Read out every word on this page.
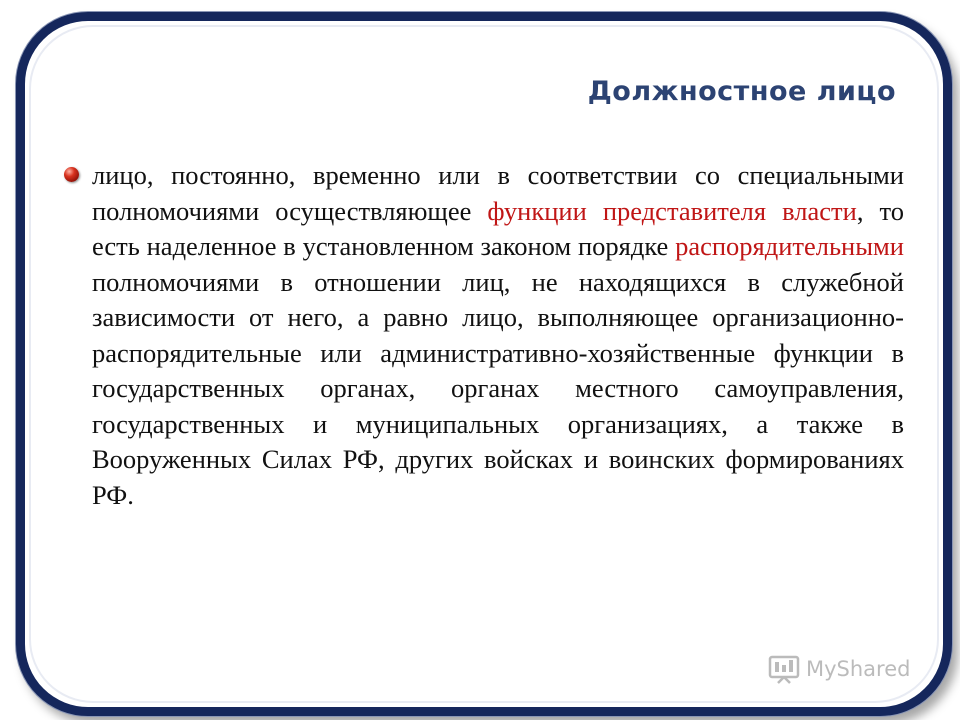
Должностное лицо

лицо, постоянно, временно или в соответствии со специальными полномочиями осуществляющее функции представителя власти, то есть наделенное в установленном законом порядке распорядительными полномочиями в отношении лиц, не находящихся в служебной зависимости от него, а равно лицо, выполняющее организационно-распорядительные или административно-хозяйственные функции в государственных органах, органах местного самоуправления, государственных и муниципальных организациях, а также в Вооруженных Силах РФ, других войсках и воинских формированиях РФ.

MyShared
